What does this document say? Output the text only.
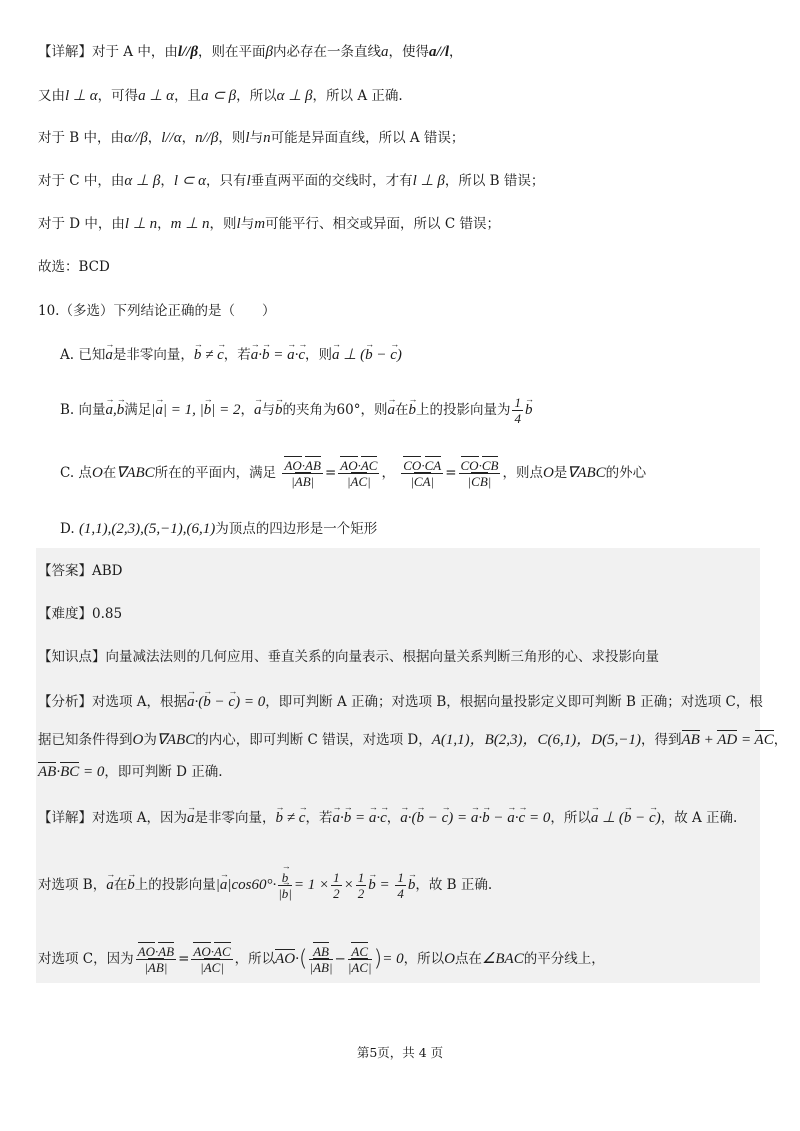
【详解】对于 A 中，由l//β，则在平面β内必存在一条直线a，使得a//l，
又由l ⊥ α，可得a ⊥ α，且a ⊂ β，所以α ⊥ β，所以 A 正确.
对于 B 中，由α//β，l//α，n//β，则l与n可能是异面直线，所以 A 错误；
对于 C 中，由α ⊥ β，l ⊂ α，只有l垂直两平面的交线时，才有l ⊥ β，所以 B 错误；
对于 D 中，由l ⊥ n，m ⊥ n，则l与m可能平行、相交或异面，所以 C 错误；
故选：BCD
10.（多选）下列结论正确的是（　　）
A. 已知→ a是非零向量，→ b ≠ → c，若→ a·→ b = → a·→ c，则→ a ⊥ (→ b − → c)
B. 向量→ a,→ b满足|→ a| = 1, |→ b| = 2，→ a与→ b的夹角为60°，则→ a在→ b上的投影向量为 $\frac{1}{4}$
→ b
C. 点O在∇ABC所在的平面内，满足 $\frac{AO\cdot AB}{|AB|} = \frac{AO\cdot AC}{|AC|}$ ， $\frac{CO\cdot CA}{|CA|} = \frac{CO\cdot CB}{|CB|}$ ，则点O是∇ABC的外心
D. (1,1),(2,3),(5,−1),(6,1)为顶点的四边形是一个矩形
【答案】ABD
【难度】0.85
【知识点】向量减法法则的几何应用、垂直关系的向量表示、根据向量关系判断三角形的心、求投影向量
【分析】对选项 A，根据→ a·(→ b − → c) = 0，即可判断 A 正确；对选项 B，根据向量投影定义即可判断 B 正确；对选项 C，根
据已知条件得到O为∇ABC的内心，即可判断 C 错误，对选项 D，A(1,1)，B(2,3)，C(6,1)，D(5,−1)，得到AB + AD = AC，
AB·BC = 0，即可判断 D 正确.
【详解】对选项 A，因为→ a是非零向量，→ b ≠ → c，若→ a·→ b = → a·→ c，→ a·(→ b − → c) = → a·→ b − → a·→ c = 0，所以→ a ⊥ (→ b − → c)，故 A 正确.
对选项 B，→ a在→ b上的投影向量|→ a|cos60°·
→ $\frac{b}{|\to b|} = 1 \times \frac{1}{2} \times \frac{1}{2}$
→ $b = \frac{1}{4}$
→ b，故 B 正确.
对选项 C，因为 $\frac{AO\cdot AB}{|AB|} = \frac{AO\cdot AC}{|AC|}$ ，所以$AO\cdot( \frac{AB}{|AB|} - \frac{AC}{|AC|}$ )= 0，所以O点在∠BAC的平分线上，
第5页，共 4 页
